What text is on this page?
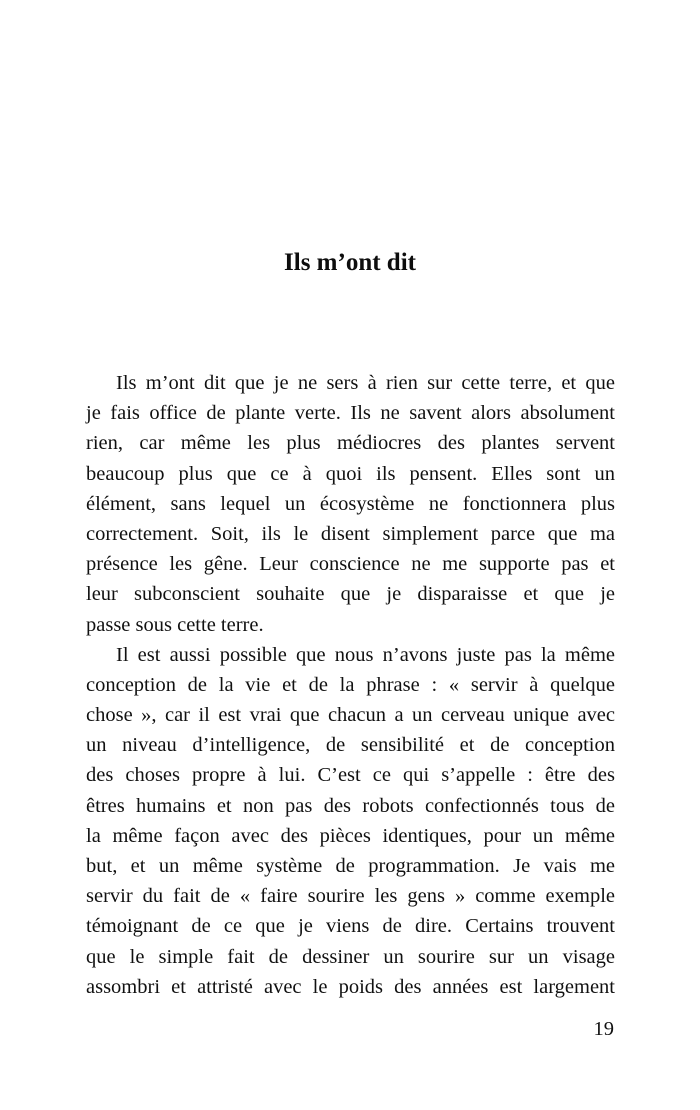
Ils m’ont dit
Ils m’ont dit que je ne sers à rien sur cette terre, et que
je fais office de plante verte. Ils ne savent alors absolument
rien, car même les plus médiocres des plantes servent
beaucoup plus que ce à quoi ils pensent. Elles sont un
élément, sans lequel un écosystème ne fonctionnera plus
correctement. Soit, ils le disent simplement parce que ma
présence les gêne. Leur conscience ne me supporte pas et
leur subconscient souhaite que je disparaisse et que je
passe sous cette terre.
Il est aussi possible que nous n’avons juste pas la même
conception de la vie et de la phrase : « servir à quelque
chose », car il est vrai que chacun a un cerveau unique avec
un niveau d’intelligence, de sensibilité et de conception
des choses propre à lui. C’est ce qui s’appelle : être des
êtres humains et non pas des robots confectionnés tous de
la même façon avec des pièces identiques, pour un même
but, et un même système de programmation. Je vais me
servir du fait de « faire sourire les gens » comme exemple
témoignant de ce que je viens de dire. Certains trouvent
que le simple fait de dessiner un sourire sur un visage
assombri et attristé avec le poids des années est largement
19
